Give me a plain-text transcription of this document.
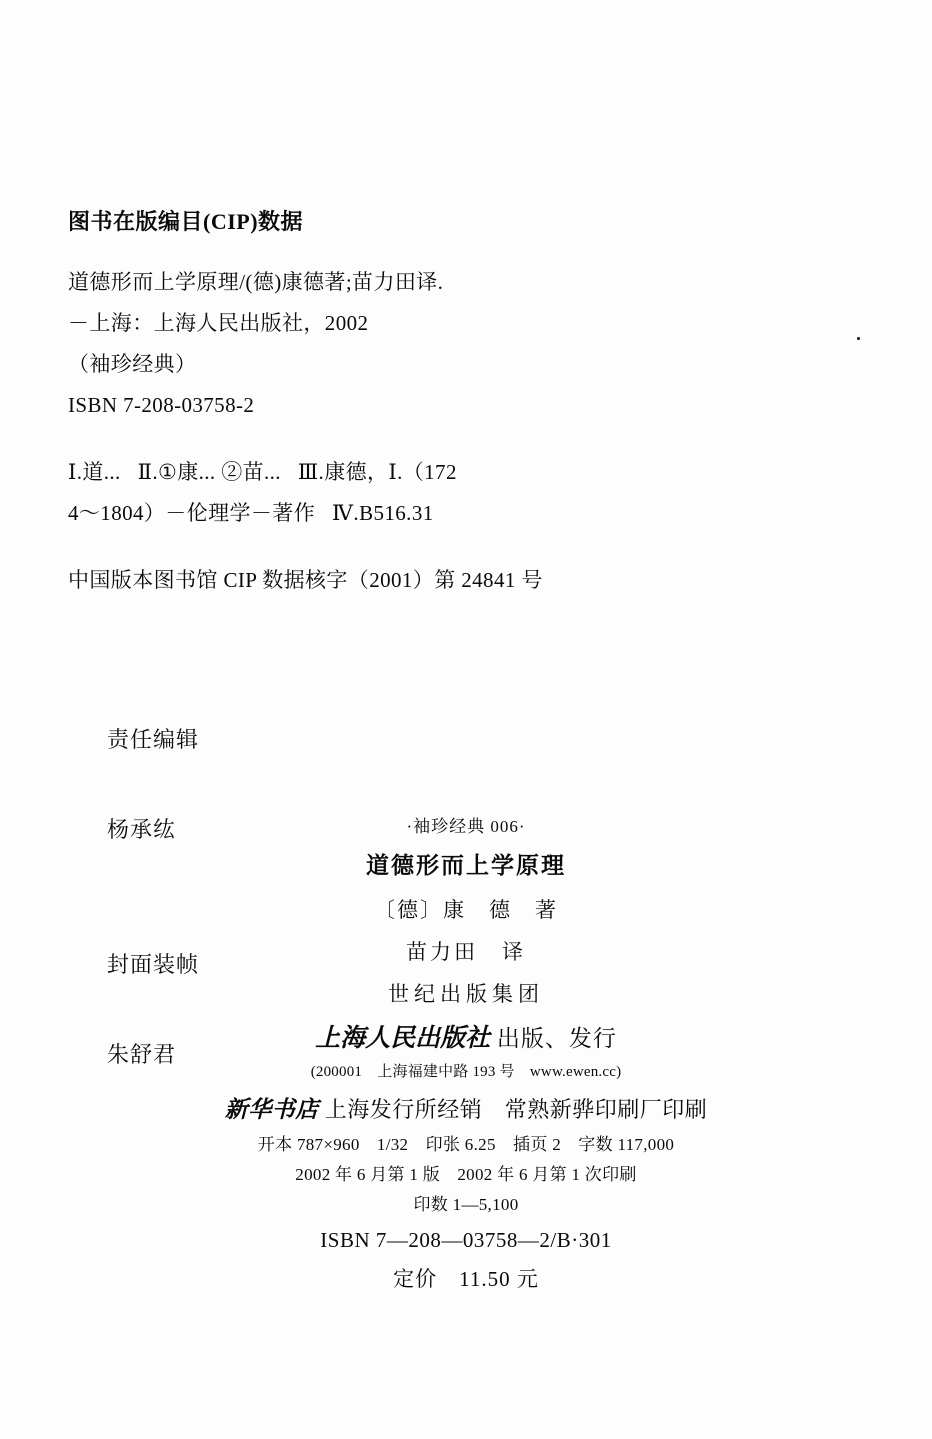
图书在版编目(CIP)数据
道德形而上学原理/(德)康德著;苗力田译.
－上海：上海人民出版社，2002
（袖珍经典）
ISBN 7-208-03758-2
Ⅰ.道...   Ⅱ.①康... ②苗...   Ⅲ.康德，Ⅰ.（172
4～1804）－伦理学－著作   Ⅳ.B516.31
中国版本图书馆 CIP 数据核字（2001）第 24841 号

责任编辑

杨承纮

封面装帧

朱舒君

·袖珍经典 006·
道德形而上学原理
〔德〕康　德　著
苗力田　译
世纪出版集团
上海人民出版社 出版、发行
(200001　上海福建中路 193 号　www.ewen.cc)
新华书店 上海发行所经销　常熟新骅印刷厂印刷
开本 787×960　1/32　印张 6.25　插页 2　字数 117,000
2002 年 6 月第 1 版　2002 年 6 月第 1 次印刷
印数 1—5,100
ISBN 7—208—03758—2/B·301
定价　11.50 元
